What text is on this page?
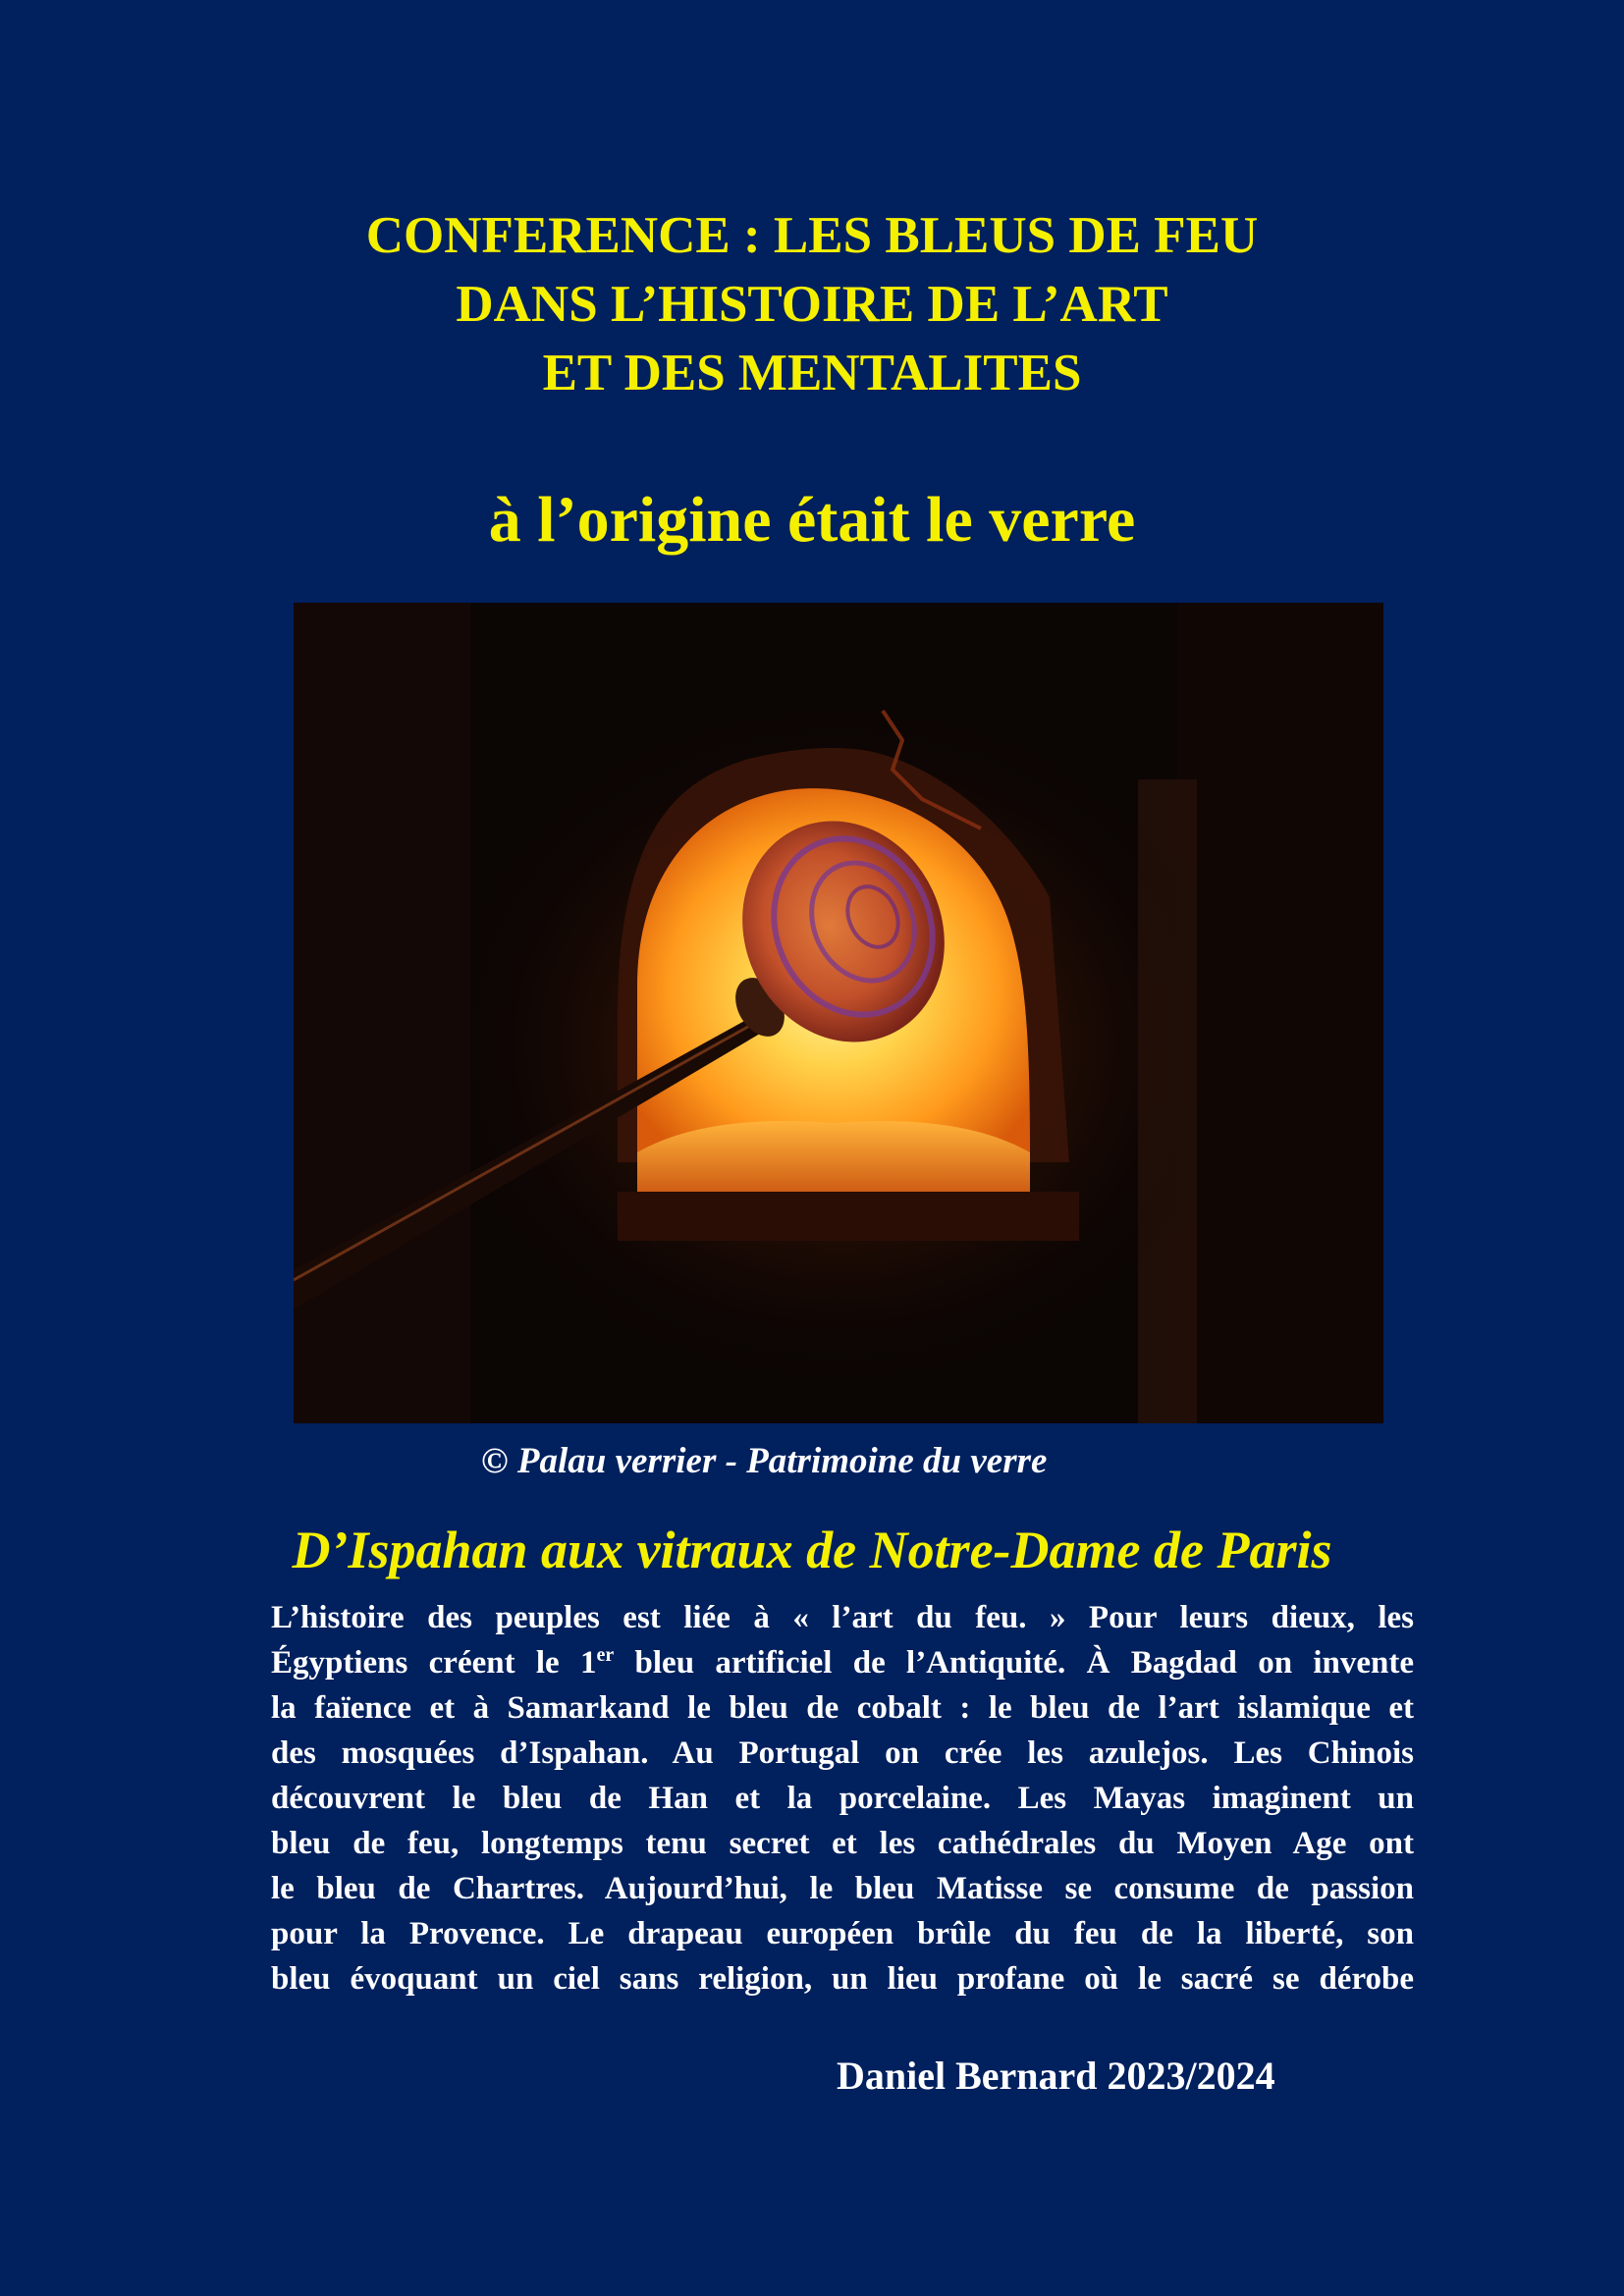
CONFERENCE : LES BLEUS DE FEU
DANS L’HISTOIRE DE L’ART
ET DES MENTALITES
à l’origine était le verre
© Palau verrier - Patrimoine du verre
D’Ispahan aux vitraux de Notre-Dame de Paris
L’histoire des peuples est liée à « l’art du feu. » Pour leurs dieux, les
Égyptiens créent le 1er bleu artificiel de l’Antiquité. À Bagdad on invente
la faïence et à Samarkand le bleu de cobalt : le bleu de l’art islamique et
des mosquées d’Ispahan. Au Portugal on crée les azulejos. Les Chinois
découvrent le bleu de Han et la porcelaine. Les Mayas imaginent un
bleu de feu, longtemps tenu secret et les cathédrales du Moyen Age ont
le bleu de Chartres. Aujourd’hui, le bleu Matisse se consume de passion
pour la Provence. Le drapeau européen brûle du feu de la liberté, son
bleu évoquant un ciel sans religion, un lieu profane où le sacré se dérobe
Daniel Bernard 2023/2024
